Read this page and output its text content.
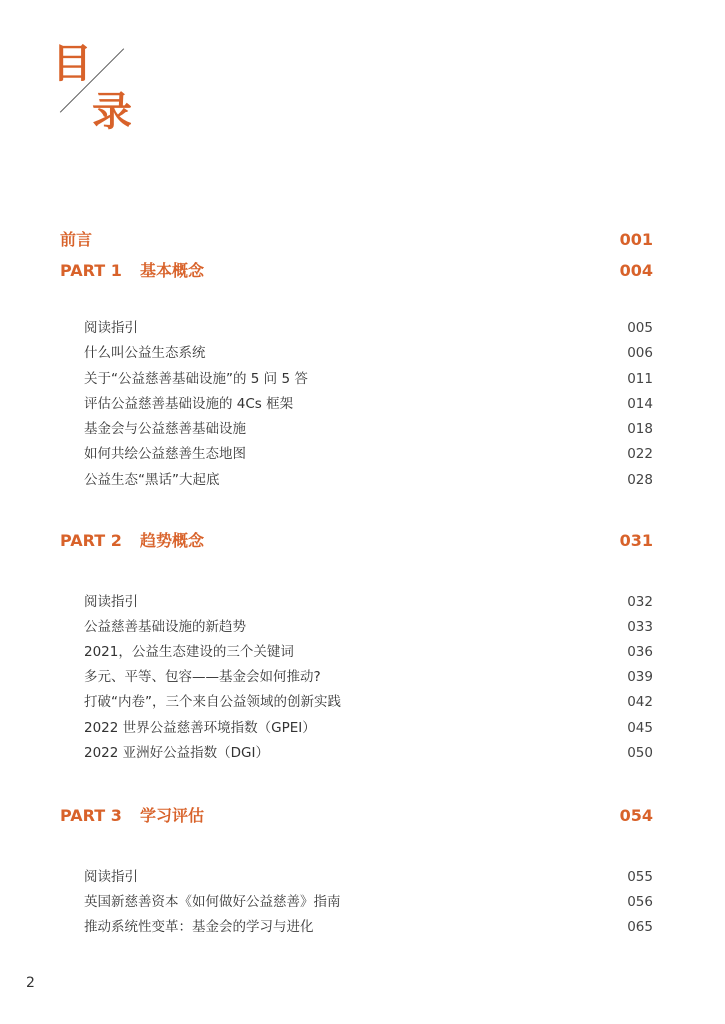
目
录
前言	001
PART 1 基本概念	004
阅读指引	005
什么叫公益生态系统	006
关于“公益慈善基础设施”的 5 问 5 答	011
评估公益慈善基础设施的 4Cs 框架	014
基金会与公益慈善基础设施	018
如何共绘公益慈善生态地图	022
公益生态“黑话”大起底	028
PART 2 趋势概念	031
阅读指引	032
公益慈善基础设施的新趋势	033
2021，公益生态建设的三个关键词	036
多元、平等、包容——基金会如何推动?	039
打破“内卷”，三个来自公益领域的创新实践	042
2022 世界公益慈善环境指数（GPEI）	045
2022 亚洲好公益指数（DGI）	050
PART 3 学习评估	054
阅读指引	055
英国新慈善资本《如何做好公益慈善》指南	056
推动系统性变革：基金会的学习与进化	065
2
